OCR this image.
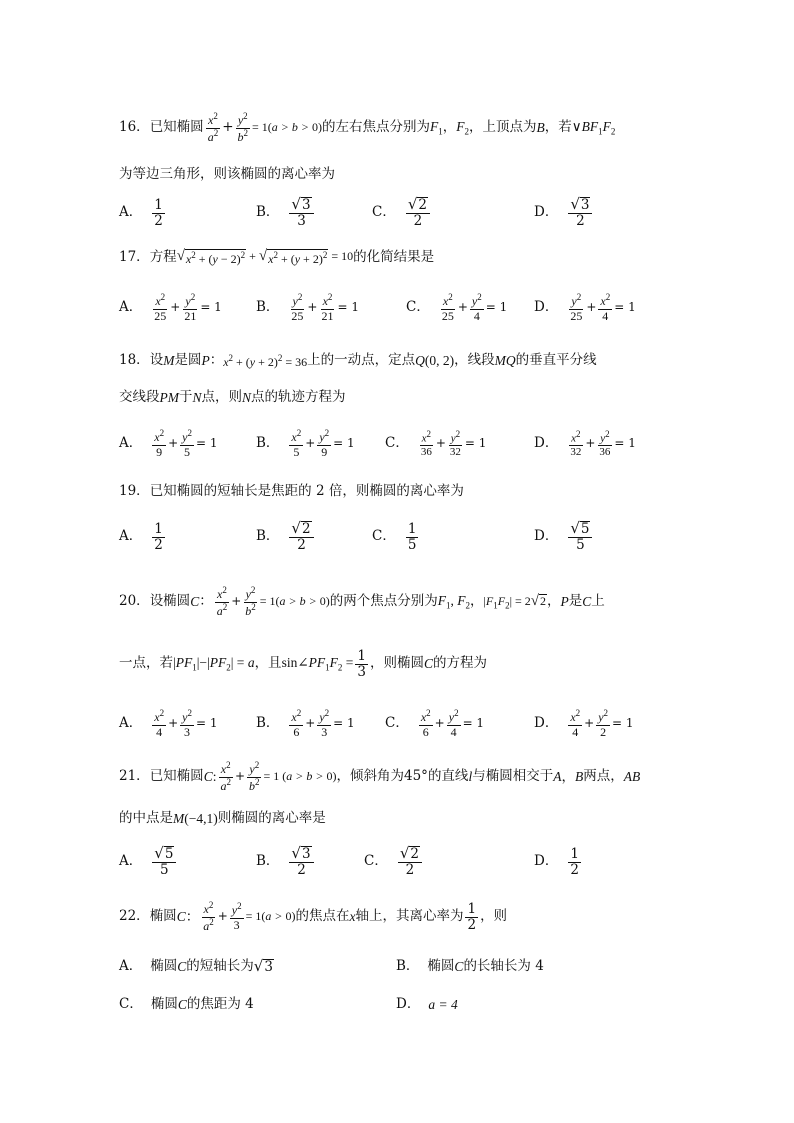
16． 已知椭圆 $\frac{x^2}{a^2} + \frac{y^2}{b^2} = 1(a > b > 0)$ 的左右焦点分别为 $F_1$ ， $F_2$ ，上顶点为 B ，若 $\vee BF_1F_2$
为等边三角形，则该椭圆的离心率为
A． $\frac{1}{2}$	B． $\frac{√ 3}{3}$	C． $\frac{√ 2}{2}$	D． $\frac{√ 3}{2}$
17． 方程 √ $x^2 + (y - 2)^2$ + √ $x^2 + (y + 2)^2 = 10$ 的化简结果是
A． $\frac{x^2}{25} + \frac{y^2}{21} = 1$	B． $\frac{y^2}{25} + \frac{x^2}{21} = 1$	C． $\frac{x^2}{25} + \frac{y^2}{4} = 1$ D． $\frac{y^2}{25} + \frac{x^2}{4} = 1$
18． 设 M 是圆 P ： $x^2 + (y + 2)^2 = 36$ 上的一动点，定点 Q(0, 2) ，线段 MQ 的垂直平分线
交线段 PM 于 N 点，则 N 点的轨迹方程为
A． $\frac{x^2}{9} + \frac{y^2}{5} = 1$	B． $\frac{x^2}{5} + \frac{y^2}{9} = 1$ C． $\frac{x^2}{36} + \frac{y^2}{32} = 1$	D． $\frac{x^2}{32} + \frac{y^2}{36} = 1$
19． 已知椭圆的短轴长是焦距的 2 倍，则椭圆的离心率为
A． $\frac{1}{2}$	B． $\frac{√ 2}{2}$	C． $\frac{1}{5}$	D． $\frac{√ 5}{5}$
20． 设椭圆 C ： $\frac{x^2}{a^2} + \frac{y^2}{b^2} = 1(a > b > 0)$ 的两个焦点分别为 $F_1$, $F_2$ ， $|F_1F_2| = 2$ √ 2 ， P 是 C 上
一点，若 $|PF_1|-|PF_2| = a$ ，且 $\sin\angle PF_1F_2 = \frac{1}{3}$ ，则椭圆 C 的方程为
A． $\frac{x^2}{4} + \frac{y^2}{3} = 1$	B． $\frac{x^2}{6} + \frac{y^2}{3} = 1$ C． $\frac{x^2}{6} + \frac{y^2}{4} = 1$	D． $\frac{x^2}{4} + \frac{y^2}{2} = 1$
21． 已知椭圆 C: $\frac{x^2}{a^2} + \frac{y^2}{b^2} = 1$ (a > b > 0) ，倾斜角为 45° 的直线 l 与椭圆相交于 A，B 两点， AB
的中点是 M(−4,1) 则椭圆的离心率是
A． $\frac{√ 5}{5}$	B． $\frac{√ 3}{2}$	C． $\frac{√ 2}{2}$	D． $\frac{1}{2}$
22． 椭圆 C： $\frac{x^2}{a^2} + \frac{y^2}{3} = 1(a > 0)$ 的焦点在 x 轴上，其离心率为 $\frac{1}{2}$ ，则
A． 椭圆 C 的短轴长为 √ 3	B． 椭圆 C 的长轴长为 4
C． 椭圆 C 的焦距为 4	D． a = 4
